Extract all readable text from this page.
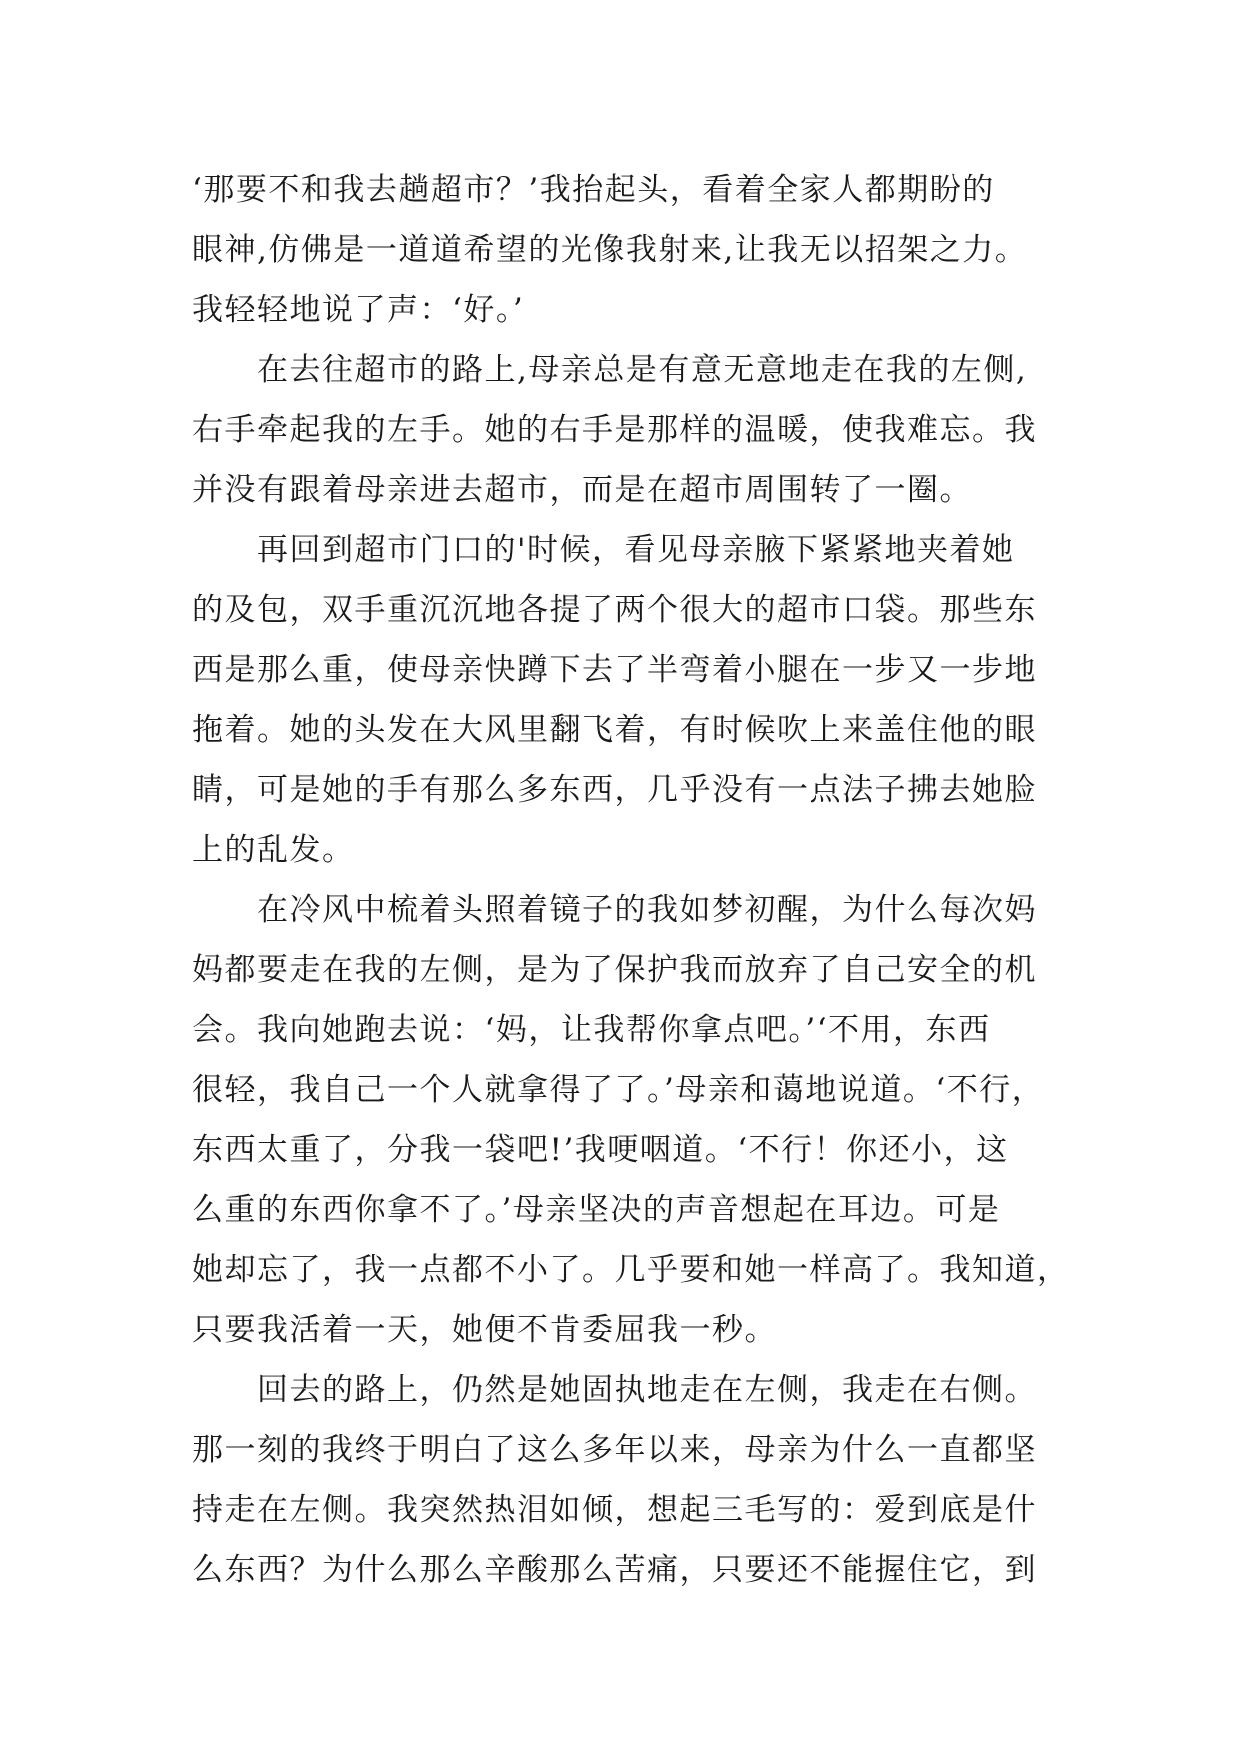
‘那要不和我去趟超市？’我抬起头，看着全家人都期盼的
眼神,仿佛是一道道希望的光像我射来,让我无以招架之力。
我轻轻地说了声：‘好。’
　　在去往超市的路上,母亲总是有意无意地走在我的左侧,
右手牵起我的左手。她的右手是那样的温暖，使我难忘。我
并没有跟着母亲进去超市，而是在超市周围转了一圈。
　　再回到超市门口的'时候，看见母亲腋下紧紧地夹着她
的及包，双手重沉沉地各提了两个很大的超市口袋。那些东
西是那么重，使母亲快蹲下去了半弯着小腿在一步又一步地
拖着。她的头发在大风里翻飞着，有时候吹上来盖住他的眼
睛，可是她的手有那么多东西，几乎没有一点法子拂去她脸
上的乱发。
　　在冷风中梳着头照着镜子的我如梦初醒，为什么每次妈
妈都要走在我的左侧，是为了保护我而放弃了自己安全的机
会。我向她跑去说：‘妈，让我帮你拿点吧。’‘不用，东西
很轻，我自己一个人就拿得了了。’母亲和蔼地说道。‘不行，
东西太重了，分我一袋吧!’我哽咽道。‘不行！你还小，这
么重的东西你拿不了。’母亲坚决的声音想起在耳边。可是
她却忘了，我一点都不小了。几乎要和她一样高了。我知道，
只要我活着一天，她便不肯委屈我一秒。
　　回去的路上，仍然是她固执地走在左侧，我走在右侧。
那一刻的我终于明白了这么多年以来，母亲为什么一直都坚
持走在左侧。我突然热泪如倾，想起三毛写的：爱到底是什
么东西？为什么那么辛酸那么苦痛，只要还不能握住它，到
